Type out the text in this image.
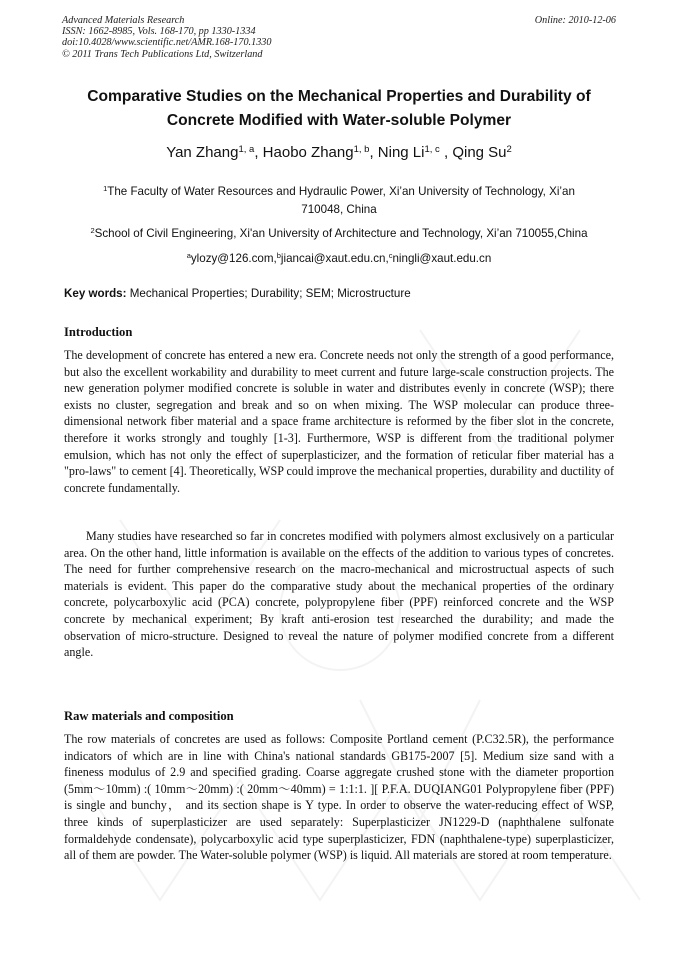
Advanced Materials Research
ISSN: 1662-8985, Vols. 168-170, pp 1330-1334
doi:10.4028/www.scientific.net/AMR.168-170.1330
© 2011 Trans Tech Publications Ltd, Switzerland
Online: 2010-12-06
Comparative Studies on the Mechanical Properties and Durability of
Concrete Modified with Water-soluble Polymer
Yan Zhang$^{1, a}$, Haobo Zhang$^{1, b}$, Ning Li$^{1, c}$ , Qing Su$^2$
$^1$The Faculty of Water Resources and Hydraulic Power, Xi’an University of Technology, Xi’an
710048, China
$^2$School of Civil Engineering, Xi'an University of Architecture and Technology, Xi’an 710055,China
$^a$ylozy@126.com,$^b$jiancai@xaut.edu.cn,$^c$ningli@xaut.edu.cn
Key words: Mechanical Properties; Durability; SEM; Microstructure
Introduction
The development of concrete has entered a new era. Concrete needs not only the strength of a good performance, but also the excellent workability and durability to meet current and future large-scale construction projects. The new generation polymer modified concrete is soluble in water and distributes evenly in concrete (WSP); there exists no cluster, segregation and break and so on when mixing. The WSP molecular can produce three-dimensional network fiber material and a space frame architecture is reformed by the fiber slot in the concrete, therefore it works strongly and toughly [1-3]. Furthermore, WSP is different from the traditional polymer emulsion, which has not only the effect of superplasticizer, and the formation of reticular fiber material has a "pro-laws" to cement [4]. Theoretically, WSP could improve the mechanical properties, durability and ductility of concrete fundamentally.
Many studies have researched so far in concretes modified with polymers almost exclusively on a particular area. On the other hand, little information is available on the effects of the addition to various types of concretes. The need for further comprehensive research on the macro-mechanical and microstructual aspects of such materials is evident. This paper do the comparative study about the mechanical properties of the ordinary concrete, polycarboxylic acid (PCA) concrete, polypropylene fiber (PPF) reinforced concrete and the WSP concrete by mechanical experiment; By kraft anti-erosion test researched the durability; and made the observation of micro-structure. Designed to reveal the nature of polymer modified concrete from a different angle.
Raw materials and composition
The row materials of concretes are used as follows: Composite Portland cement (P.C32.5R), the performance indicators of which are in line with China's national standards GB175-2007 [5]. Medium size sand with a fineness modulus of 2.9 and specified grading. Coarse aggregate crushed stone with the diameter proportion (5mm～10mm) :( 10mm～20mm) :( 20mm～40mm) = 1:1:1. ][ P.F.A. DUQIANG01 Polypropylene fiber (PPF) is single and bunchy， and its section shape is Y type. In order to observe the water-reducing effect of WSP, three kinds of superplasticizer are used separately: Superplasticizer JN1229-D (naphthalene sulfonate formaldehyde condensate), polycarboxylic acid type superplasticizer, FDN (naphthalene-type) superplasticizer, all of them are powder. The Water-soluble polymer (WSP) is liquid. All materials are stored at room temperature.
